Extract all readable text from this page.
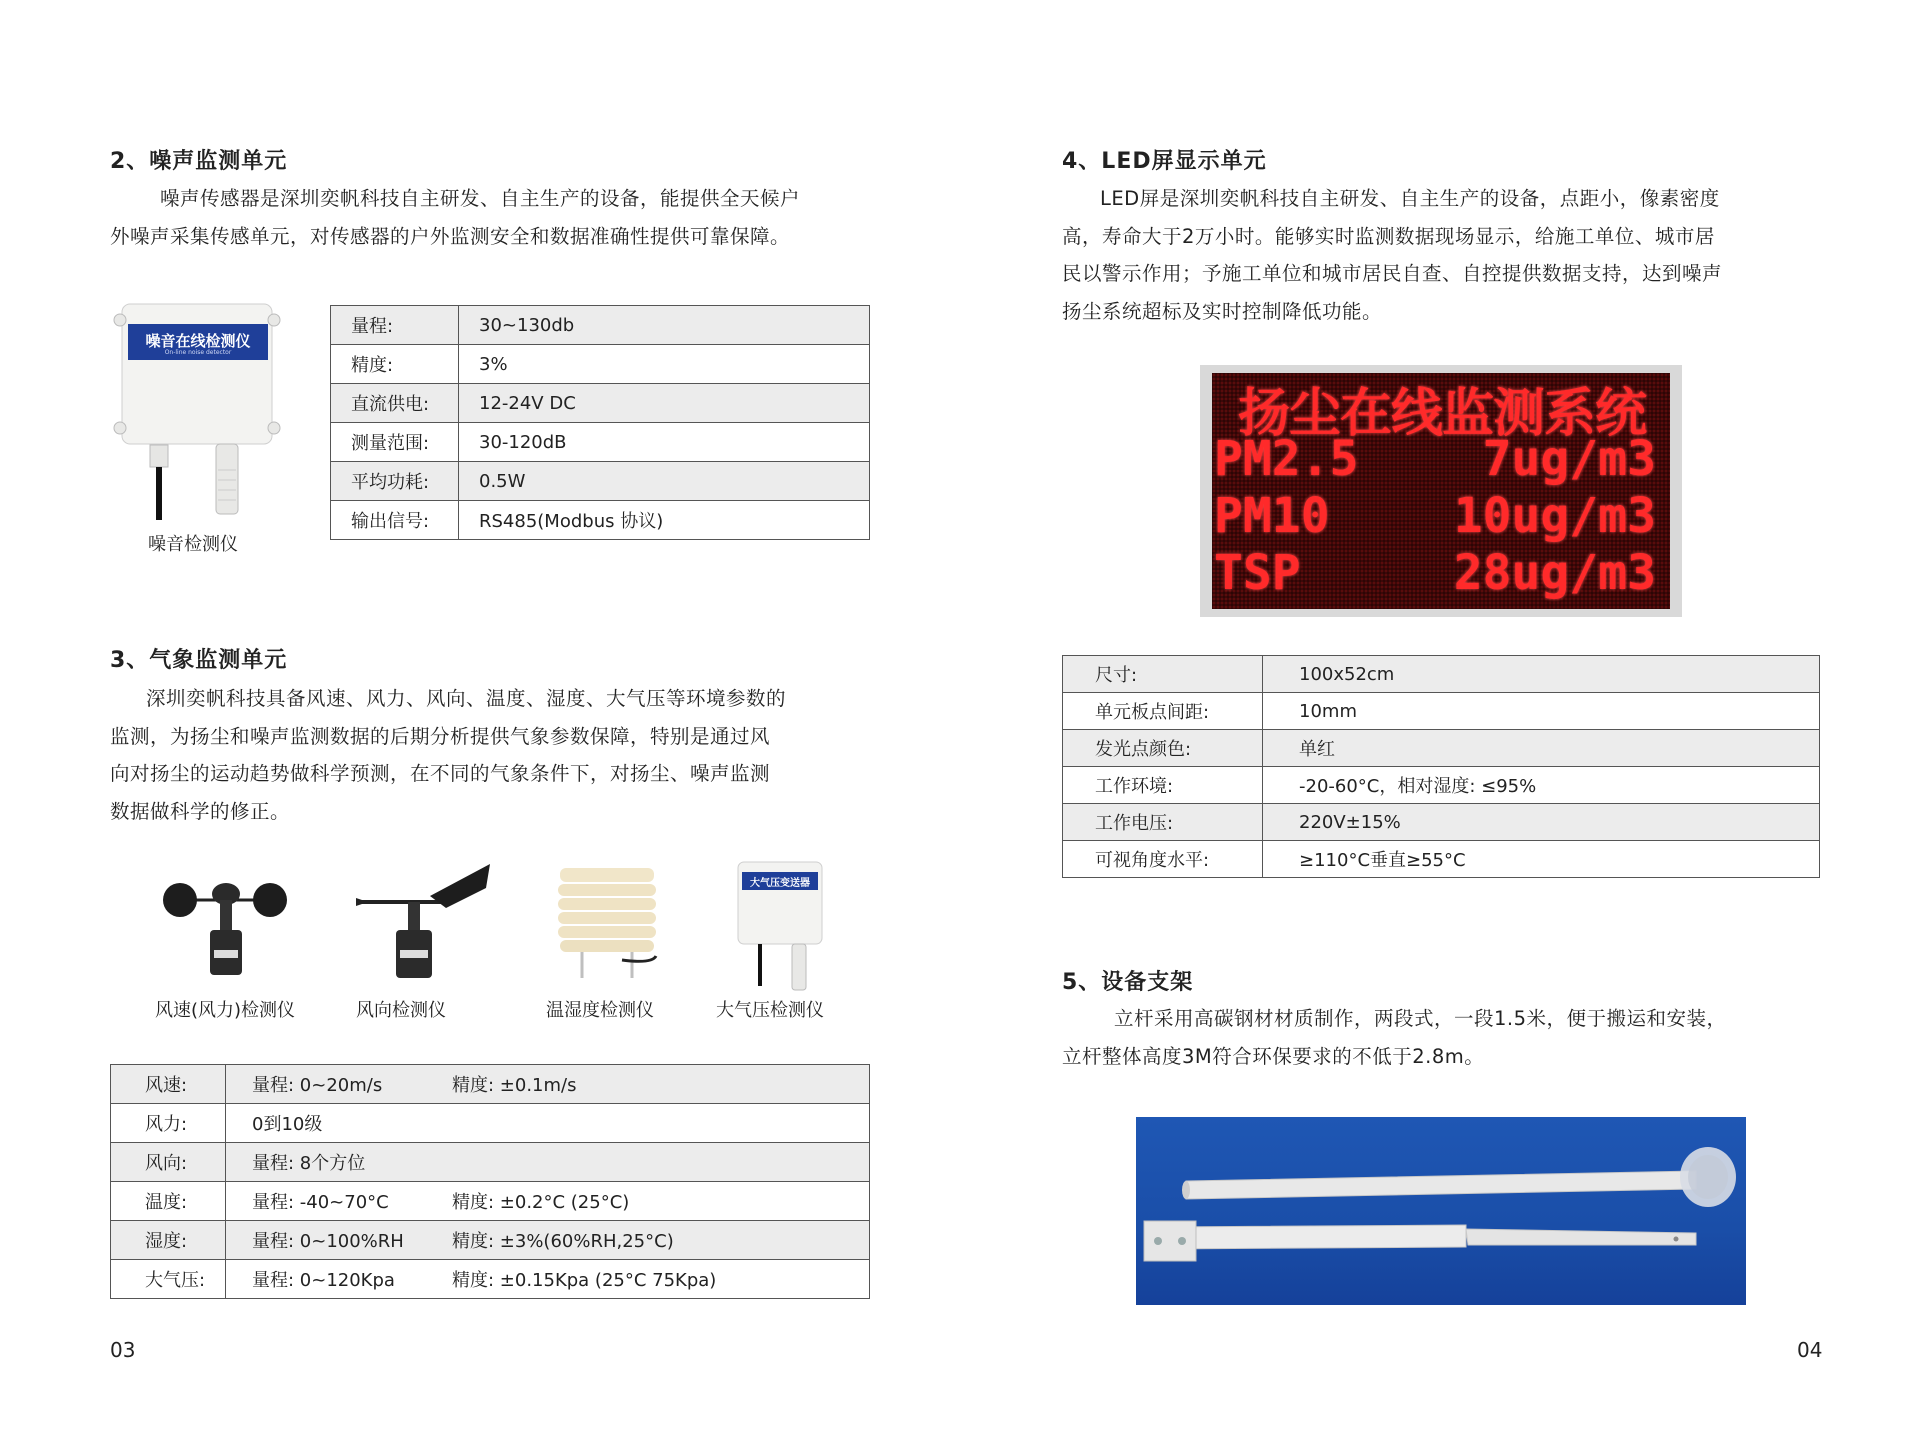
2、噪声监测单元

噪声传感器是深圳奕帆科技自主研发、自主生产的设备，能提供全天候户
外噪声采集传感单元，对传感器的户外监测安全和数据准确性提供可靠保障。

噪音在线检测仪
On-line noise detector
噪音检测仪
量程:	30~130db
精度:	3%
直流供电:	12-24V DC
测量范围:	30-120dB
平均功耗:	0.5W
输出信号:	RS485(Modbus 协议)
3、气象监测单元

深圳奕帆科技具备风速、风力、风向、温度、湿度、大气压等环境参数的
监测，为扬尘和噪声监测数据的后期分析提供气象参数保障，特别是通过风
向对扬尘的运动趋势做科学预测，在不同的气象条件下，对扬尘、噪声监测
数据做科学的修正。

大气压变送器
风速(风力)检测仪	风向检测仪	温湿度检测仪	大气压检测仪
风速:	量程: 0~20m/s 精度: ±0.1m/s
风力:	0到10级
风向:	量程: 8个方位
温度:	量程: -40~70°C 精度: ±0.2°C (25°C)
湿度:	量程: 0~100%RH 精度: ±3%(60%RH,25°C)
大气压:	量程: 0~120Kpa 精度: ±0.15Kpa (25°C 75Kpa)
03
4、LED屏显示单元

LED屏是深圳奕帆科技自主研发、自主生产的设备，点距小，像素密度
高，寿命大于2万小时。能够实时监测数据现场显示，给施工单位、城市居
民以警示作用；予施工单位和城市居民自查、自控提供数据支持，达到噪声
扬尘系统超标及实时控制降低功能。

扬尘在线监测系统
PM2.5	7ug/m3
PM10	10ug/m3
TSP	28ug/m3
尺寸:	100x52cm
单元板点间距:	10mm
发光点颜色:	单红
工作环境:	-20-60°C，相对湿度: ≤95%
工作电压:	220V±15%
可视角度水平:	≥110°C垂直≥55°C
5、设备支架

立杆采用高碳钢材材质制作，两段式，一段1.5米，便于搬运和安装，
立杆整体高度3M符合环保要求的不低于2.8m。

04
